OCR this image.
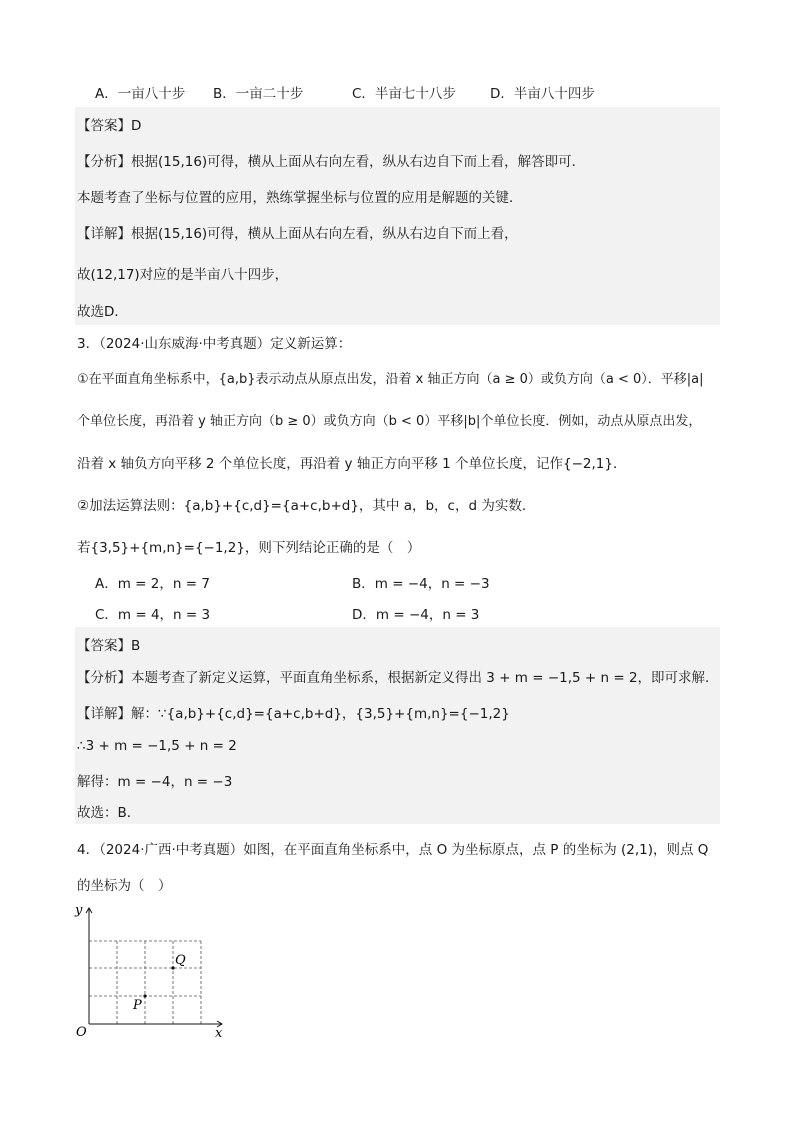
A．一亩八十步 B．一亩二十步	C．半亩七十八步	D．半亩八十四步
【答案】D
【分析】根据(15,16)可得，横从上面从右向左看，纵从右边自下而上看，解答即可．
本题考查了坐标与位置的应用，熟练掌握坐标与位置的应用是解题的关键．
【详解】根据(15,16)可得，横从上面从右向左看，纵从右边自下而上看，
故(12,17)对应的是半亩八十四步，
故选D．
3．（2024·山东威海·中考真题）定义新运算：
①在平面直角坐标系中，{a,b}表示动点从原点出发，沿着 x 轴正方向（a ≥ 0）或负方向（a < 0）．平移|a|
个单位长度，再沿着 y 轴正方向（b ≥ 0）或负方向（b < 0）平移|b|个单位长度．例如，动点从原点出发，
沿着 x 轴负方向平移 2 个单位长度，再沿着 y 轴正方向平移 1 个单位长度，记作{−2,1}．
②加法运算法则：{a,b}+{c,d}={a+c,b+d}，其中 a，b，c，d 为实数．
若{3,5}+{m,n}={−1,2}，则下列结论正确的是（　）
A．m = 2，n = 7	B．m = −4，n = −3
C．m = 4，n = 3	D．m = −4，n = 3
【答案】B
【分析】本题考查了新定义运算，平面直角坐标系，根据新定义得出 3 + m = −1,5 + n = 2，即可求解．
【详解】解：∵{a,b}+{c,d}={a+c,b+d}，{3,5}+{m,n}={−1,2}
∴3 + m = −1,5 + n = 2
解得：m = −4，n = −3
故选：B．
4．（2024·广西·中考真题）如图，在平面直角坐标系中，点 O 为坐标原点，点 P 的坐标为 (2,1)，则点 Q
的坐标为（　）
y
x
O
P
Q
